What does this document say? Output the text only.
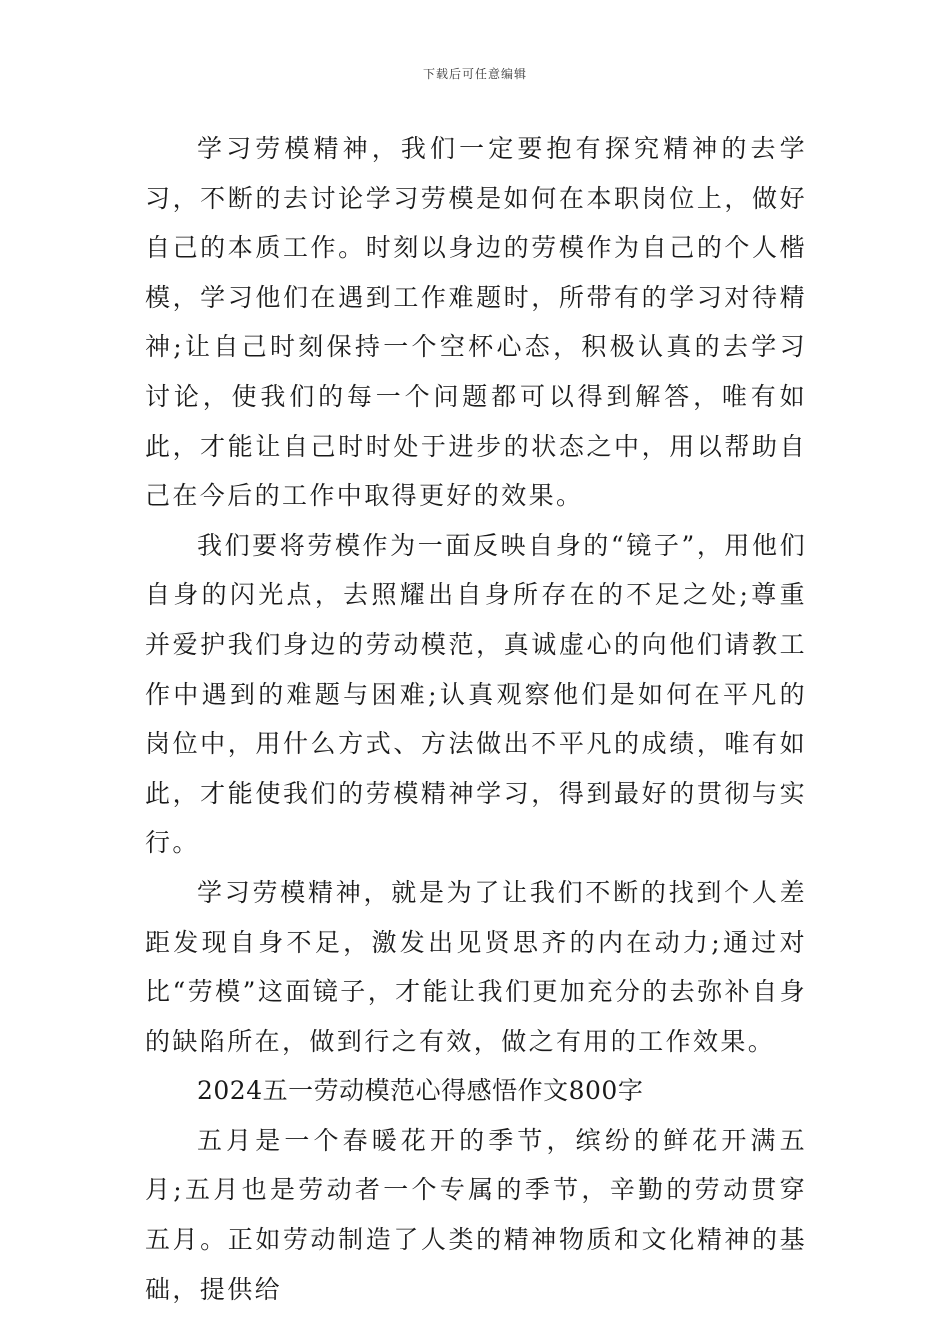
下载后可任意编辑

学习劳模精神，我们一定要抱有探究精神的去学习，不断的去讨论学习劳模是如何在本职岗位上，做好自己的本质工作。时刻以身边的劳模作为自己的个人楷模，学习他们在遇到工作难题时，所带有的学习对待精神;让自己时刻保持一个空杯心态，积极认真的去学习讨论，使我们的每一个问题都可以得到解答，唯有如此，才能让自己时时处于进步的状态之中，用以帮助自己在今后的工作中取得更好的效果。

我们要将劳模作为一面反映自身的“镜子”，用他们自身的闪光点，去照耀出自身所存在的不足之处;尊重并爱护我们身边的劳动模范，真诚虚心的向他们请教工作中遇到的难题与困难;认真观察他们是如何在平凡的岗位中，用什么方式、方法做出不平凡的成绩，唯有如此，才能使我们的劳模精神学习，得到最好的贯彻与实行。

学习劳模精神，就是为了让我们不断的找到个人差距发现自身不足，激发出见贤思齐的内在动力;通过对比“劳模”这面镜子，才能让我们更加充分的去弥补自身的缺陷所在，做到行之有效，做之有用的工作效果。

2024五一劳动模范心得感悟作文800字

五月是一个春暖花开的季节，缤纷的鲜花开满五月;五月也是劳动者一个专属的季节，辛勤的劳动贯穿五月。正如劳动制造了人类的精神物质和文化精神的基础，提供给
